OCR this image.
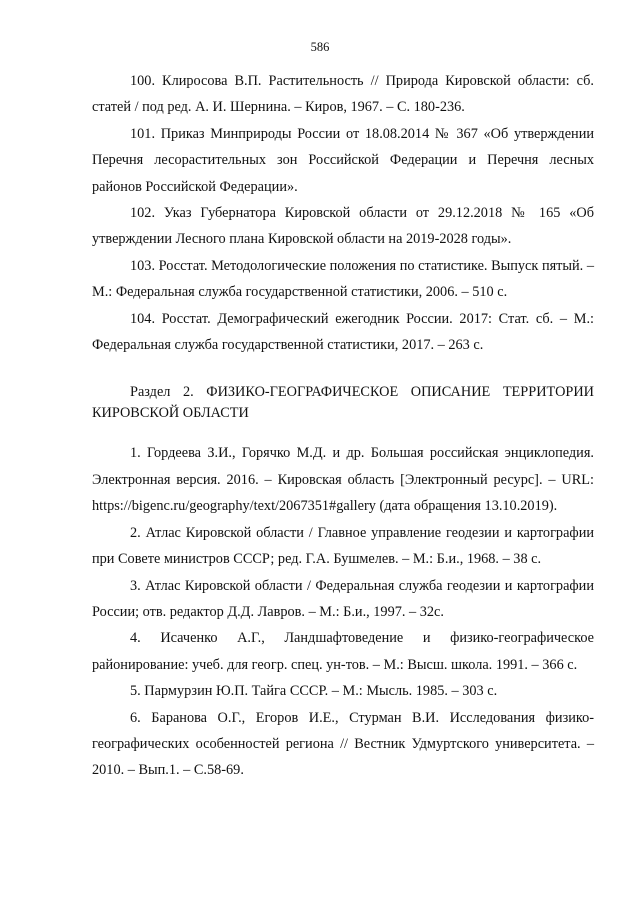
586

100. Клиросова В.П. Растительность // Природа Кировской области: сб. статей / под ред. А. И. Шернина. – Киров, 1967. – С. 180-236.

101. Приказ Минприроды России от 18.08.2014 № 367 «Об утверждении Перечня лесорастительных зон Российской Федерации и Перечня лесных районов Российской Федерации».

102. Указ Губернатора Кировской области от 29.12.2018 № 165 «Об утверждении Лесного плана Кировской области на 2019-2028 годы».

103. Росстат. Методологические положения по статистике. Выпуск пятый. – М.: Федеральная служба государственной статистики, 2006. – 510 с.

104. Росстат. Демографический ежегодник России. 2017: Стат. сб. – М.: Федеральная служба государственной статистики, 2017. – 263 с.

Раздел 2. ФИЗИКО-ГЕОГРАФИЧЕСКОЕ ОПИСАНИЕ ТЕРРИТОРИИ КИРОВСКОЙ ОБЛАСТИ

1. Гордеева З.И., Горячко М.Д. и др. Большая российская энциклопедия. Электронная версия. 2016. – Кировская область [Электронный ресурс]. – URL: https://bigenc.ru/geography/text/2067351#gallery (дата обращения 13.10.2019).

2. Атлас Кировской области / Главное управление геодезии и картографии при Совете министров СССР; ред. Г.А. Бушмелев. – М.: Б.и., 1968. – 38 с.

3. Атлас Кировской области / Федеральная служба геодезии и картографии России; отв. редактор Д.Д. Лавров. – М.: Б.и., 1997. – 32с.

4. Исаченко А.Г., Ландшафтоведение и физико-географическое районирование: учеб. для геогр. спец. ун-тов. – М.: Высш. школа. 1991. – 366 с.

5. Пармурзин Ю.П. Тайга СССР. – М.: Мысль. 1985. – 303 с.

6. Баранова О.Г., Егоров И.Е., Стурман В.И. Исследования физико-географических особенностей региона // Вестник Удмуртского университета. – 2010. – Вып.1. – С.58-69.
